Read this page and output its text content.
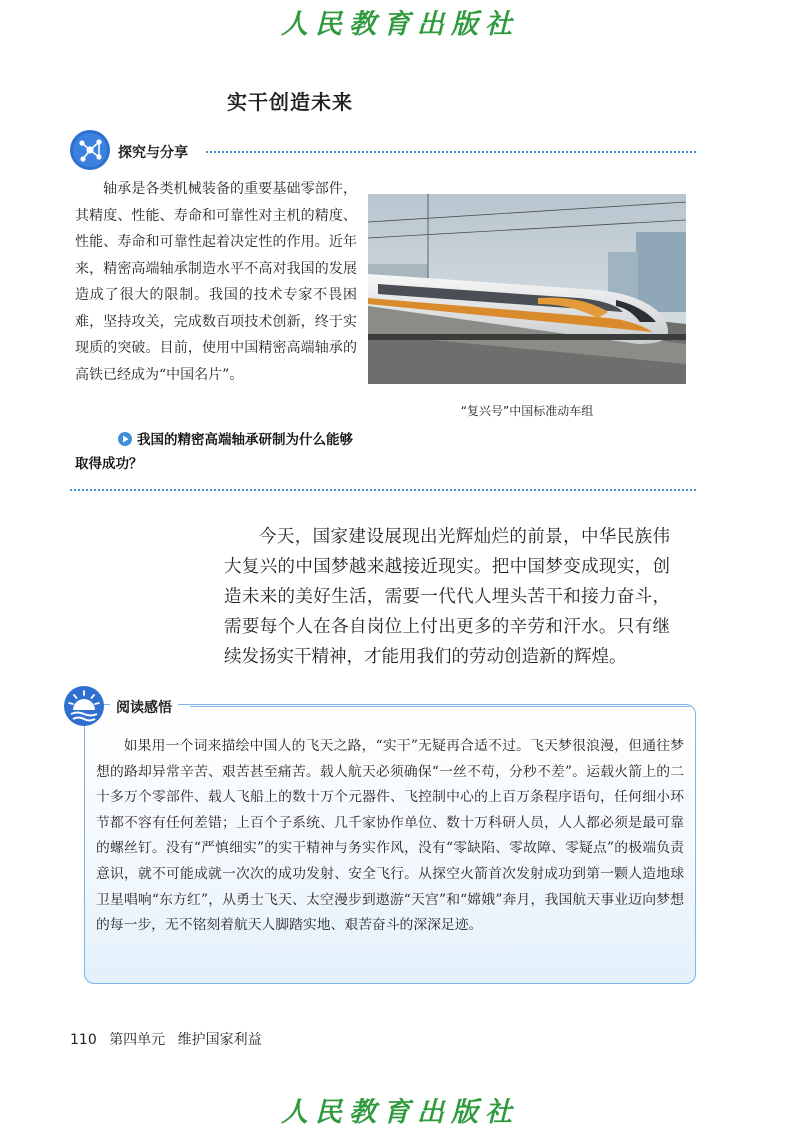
人民教育出版社
实干创造未来
探究与分享

轴承是各类机械装备的重要基础零部件，其精度、性能、寿命和可靠性对主机的精度、性能、寿命和可靠性起着决定性的作用。近年来，精密高端轴承制造水平不高对我国的发展造成了很大的限制。我国的技术专家不畏困难，坚持攻关，完成数百项技术创新，终于实现质的突破。目前，使用中国精密高端轴承的高铁已经成为“中国名片”。

“复兴号”中国标准动车组

我国的精密高端轴承研制为什么能够取得成功？

今天，国家建设展现出光辉灿烂的前景，中华民族伟大复兴的中国梦越来越接近现实。把中国梦变成现实，创造未来的美好生活，需要一代代人埋头苦干和接力奋斗，需要每个人在各自岗位上付出更多的辛劳和汗水。只有继续发扬实干精神，才能用我们的劳动创造新的辉煌。

阅读感悟

如果用一个词来描绘中国人的飞天之路，“实干”无疑再合适不过。飞天梦很浪漫，但通往梦想的路却异常辛苦、艰苦甚至痛苦。载人航天必须确保“一丝不苟，分秒不差”。运载火箭上的二十多万个零部件、载人飞船上的数十万个元器件、飞控制中心的上百万条程序语句，任何细小环节都不容有任何差错；上百个子系统、几千家协作单位、数十万科研人员，人人都必须是最可靠的螺丝钉。没有“严慎细实”的实干精神与务实作风，没有“零缺陷、零故障、零疑点”的极端负责意识，就不可能成就一次次的成功发射、安全飞行。从探空火箭首次发射成功到第一颗人造地球卫星唱响“东方红”，从勇士飞天、太空漫步到遨游“天宫”和“嫦娥”奔月，我国航天事业迈向梦想的每一步，无不铭刻着航天人脚踏实地、艰苦奋斗的深深足迹。

110 第四单元 维护国家利益
人民教育出版社
